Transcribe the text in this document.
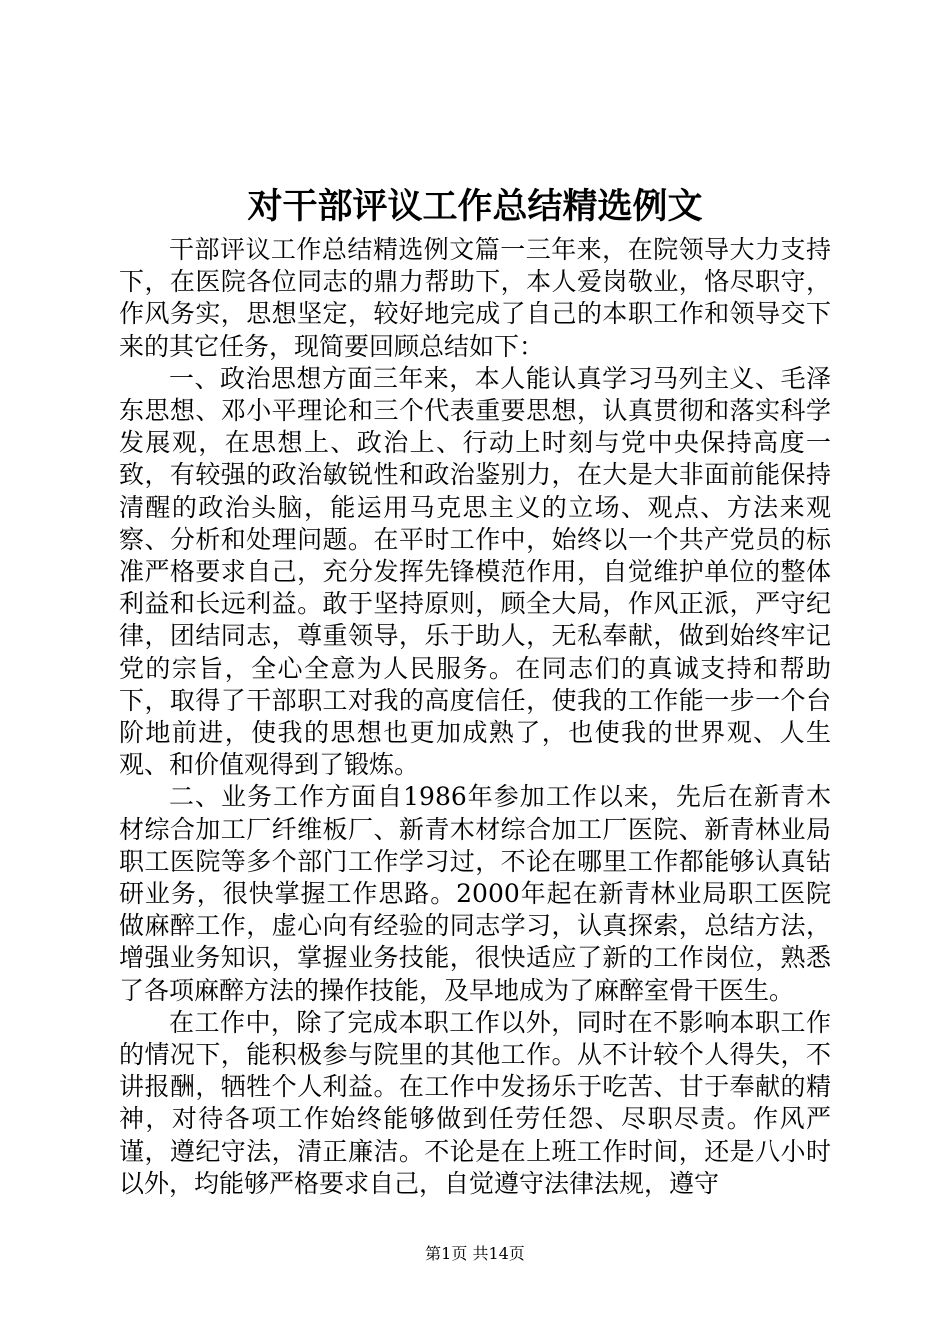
对干部评议工作总结精选例文

干部评议工作总结精选例文篇一三年来，在院领导大力支持下，在医院各位同志的鼎力帮助下，本人爱岗敬业，恪尽职守，作风务实，思想坚定，较好地完成了自己的本职工作和领导交下来的其它任务，现简要回顾总结如下：

一、政治思想方面三年来，本人能认真学习马列主义、毛泽东思想、邓小平理论和三个代表重要思想，认真贯彻和落实科学发展观，在思想上、政治上、行动上时刻与党中央保持高度一致，有较强的政治敏锐性和政治鉴别力，在大是大非面前能保持清醒的政治头脑，能运用马克思主义的立场、观点、方法来观察、分析和处理问题。在平时工作中，始终以一个共产党员的标准严格要求自己，充分发挥先锋模范作用，自觉维护单位的整体利益和长远利益。敢于坚持原则，顾全大局，作风正派，严守纪律，团结同志，尊重领导，乐于助人，无私奉献，做到始终牢记党的宗旨，全心全意为人民服务。在同志们的真诚支持和帮助下，取得了干部职工对我的高度信任，使我的工作能一步一个台阶地前进，使我的思想也更加成熟了，也使我的世界观、人生观、和价值观得到了锻炼。

二、业务工作方面自1986年参加工作以来，先后在新青木材综合加工厂纤维板厂、新青木材综合加工厂医院、新青林业局职工医院等多个部门工作学习过，不论在哪里工作都能够认真钻研业务，很快掌握工作思路。2000年起在新青林业局职工医院做麻醉工作，虚心向有经验的同志学习，认真探索，总结方法，增强业务知识，掌握业务技能，很快适应了新的工作岗位，熟悉了各项麻醉方法的操作技能，及早地成为了麻醉室骨干医生。

在工作中，除了完成本职工作以外，同时在不影响本职工作的情况下，能积极参与院里的其他工作。从不计较个人得失，不讲报酬，牺牲个人利益。在工作中发扬乐于吃苦、甘于奉献的精神，对待各项工作始终能够做到任劳任怨、尽职尽责。作风严谨，遵纪守法，清正廉洁。不论是在上班工作时间，还是八小时以外，均能够严格要求自己，自觉遵守法律法规，遵守

第1页 共14页
